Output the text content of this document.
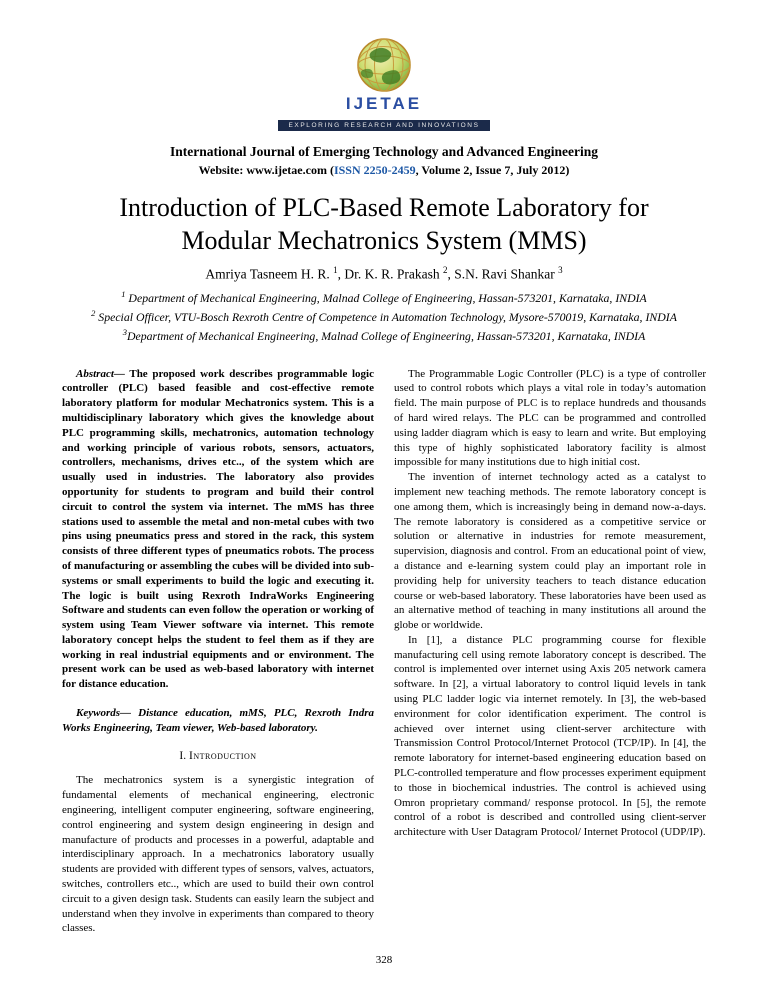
IJETAE
EXPLORING RESEARCH AND INNOVATIONS
International Journal of Emerging Technology and Advanced Engineering
Website: www.ijetae.com (ISSN 2250-2459, Volume 2, Issue 7, July 2012)
Introduction of PLC-Based Remote Laboratory for
Modular Mechatronics System (MMS)
Amriya Tasneem H. R. $^1$, Dr. K. R. Prakash $^2$, S.N. Ravi Shankar $^3$
$^1$ Department of Mechanical Engineering, Malnad College of Engineering, Hassan-573201, Karnataka, INDIA
$^2$ Special Officer, VTU-Bosch Rexroth Centre of Competence in Automation Technology, Mysore-570019, Karnataka, INDIA
$^3$Department of Mechanical Engineering, Malnad College of Engineering, Hassan-573201, Karnataka, INDIA

Abstract— The proposed work describes programmable logic controller (PLC) based feasible and cost-effective remote laboratory platform for modular Mechatronics system. This is a multidisciplinary laboratory which gives the knowledge about PLC programming skills, mechatronics, automation technology and working principle of various robots, sensors, actuators, controllers, mechanisms, drives etc.., of the system which are usually used in industries. The laboratory also provides opportunity for students to program and build their control circuit to control the system via internet. The mMS has three stations used to assemble the metal and non-metal cubes with two pins using pneumatics press and stored in the rack, this system consists of three different types of pneumatics robots. The process of manufacturing or assembling the cubes will be divided into sub-systems or small experiments to build the logic and executing it. The logic is built using Rexroth IndraWorks Engineering Software and students can even follow the operation or working of system using Team Viewer software via internet. This remote laboratory concept helps the student to feel them as if they are working in real industrial equipments and or environment. The present work can be used as web-based laboratory with internet for distance education.

Keywords— Distance education, mMS, PLC, Rexroth Indra Works Engineering, Team viewer, Web-based laboratory.

I. Introduction

The mechatronics system is a synergistic integration of fundamental elements of mechanical engineering, electronic engineering, intelligent computer engineering, software engineering, control engineering and system design engineering in design and manufacture of products and processes in a powerful, adaptable and interdisciplinary approach. In a mechatronics laboratory usually students are provided with different types of sensors, valves, actuators, switches, controllers etc.., which are used to build their own control circuit to a given design task. Students can easily learn the subject and understand when they involve in experiments than compared to theory classes.

The Programmable Logic Controller (PLC) is a type of controller used to control robots which plays a vital role in today’s automation field. The main purpose of PLC is to replace hundreds and thousands of hard wired relays. The PLC can be programmed and controlled using ladder diagram which is easy to learn and write. But employing this type of highly sophisticated laboratory facility is almost impossible for many institutions due to high initial cost.

The invention of internet technology acted as a catalyst to implement new teaching methods. The remote laboratory concept is one among them, which is increasingly being in demand now-a-days. The remote laboratory is considered as a competitive service or solution or alternative in industries for remote measurement, supervision, diagnosis and control. From an educational point of view, a distance and e-learning system could play an important role in providing help for university teachers to teach distance education course or web-based laboratory. These laboratories have been used as an alternative method of teaching in many institutions all around the globe or worldwide.

In [1], a distance PLC programming course for flexible manufacturing cell using remote laboratory concept is described. The control is implemented over internet using Axis 205 network camera software. In [2], a virtual laboratory to control liquid levels in tank using PLC ladder logic via internet remotely. In [3], the web-based environment for color identification experiment. The control is achieved over internet using client-server architecture with Transmission Control Protocol/Internet Protocol (TCP/IP). In [4], the remote laboratory for internet-based engineering education based on PLC-controlled temperature and flow processes experiment equipment to those in biochemical industries. The control is achieved using Omron proprietary command/ response protocol. In [5], the remote control of a robot is described and controlled using client-server architecture with User Datagram Protocol/ Internet Protocol (UDP/IP).

328
